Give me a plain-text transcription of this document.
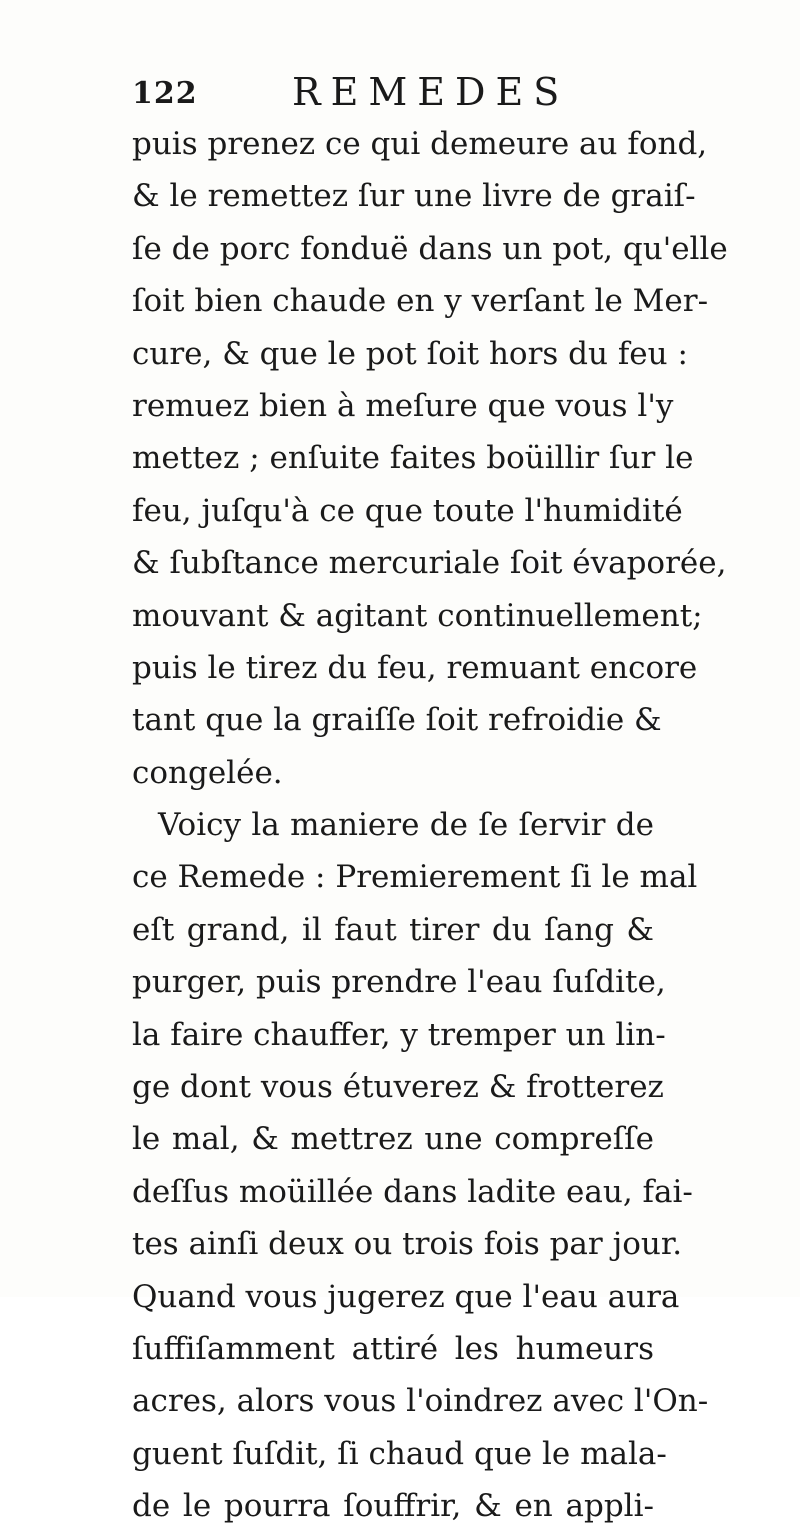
122 REMEDES
puis prenez ce qui demeure au fond,
& le remettez ſur une livre de graiſ-
ſe de porc fonduë dans un pot, qu'elle
ſoit bien chaude en y verſant le Mer-
cure, & que le pot ſoit hors du feu :
remuez bien à meſure que vous l'y
mettez ; enſuite faites boüillir ſur le
feu, juſqu'à ce que toute l'humidité
& ſubſtance mercuriale ſoit évaporée,
mouvant & agitant continuellement;
puis le tirez du feu, remuant encore
tant que la graiſſe ſoit refroidie &
congelée.
Voicy la maniere de ſe ſervir de
ce Remede : Premierement ſi le mal
eſt grand, il faut tirer du ſang &
purger, puis prendre l'eau ſuſdite,
la faire chauffer, y tremper un lin-
ge dont vous étuverez & frotterez
le mal, & mettrez une compreſſe
deſſus moüillée dans ladite eau, fai-
tes ainſi deux ou trois fois par jour.
Quand vous jugerez que l'eau aura
ſuffiſamment attiré les humeurs
acres, alors vous l'oindrez avec l'On-
guent ſuſdit, ſi chaud que le mala-
de le pourra ſouffrir, & en appli-
